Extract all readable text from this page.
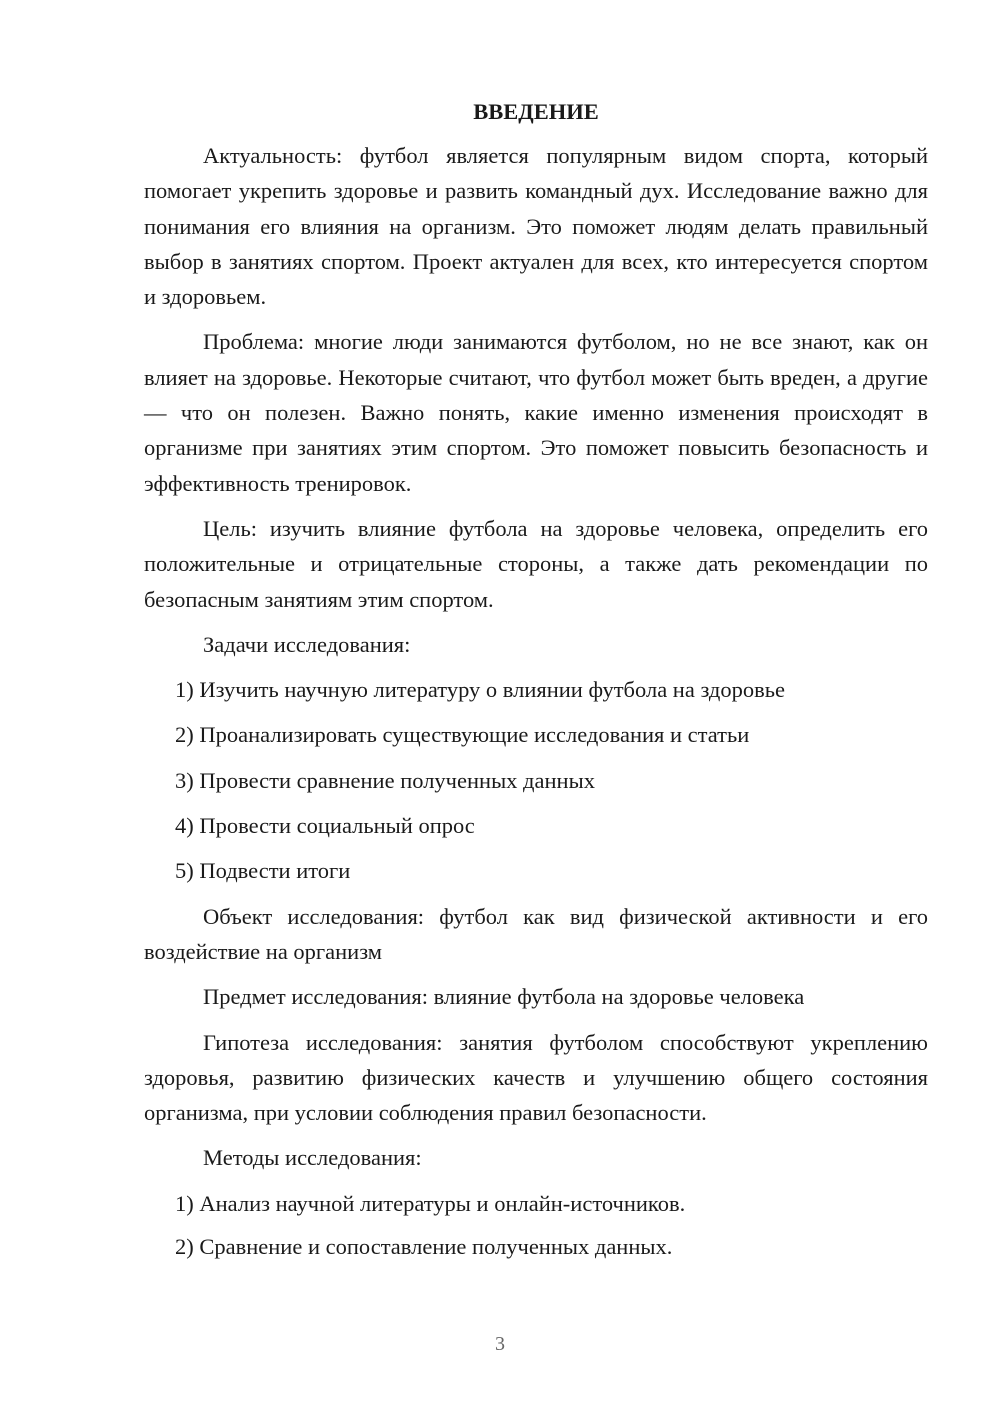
ВВЕДЕНИЕ

Актуальность: футбол является популярным видом спорта, который помогает укрепить здоровье и развить командный дух. Исследование важно для понимания его влияния на организм. Это поможет людям делать правильный выбор в занятиях спортом. Проект актуален для всех, кто интересуется спортом и здоровьем.

Проблема: многие люди занимаются футболом, но не все знают, как он влияет на здоровье. Некоторые считают, что футбол может быть вреден, а другие — что он полезен. Важно понять, какие именно изменения происходят в организме при занятиях этим спортом. Это поможет повысить безопасность и эффективность тренировок.

Цель: изучить влияние футбола на здоровье человека, определить его положительные и отрицательные стороны, а также дать рекомендации по безопасным занятиям этим спортом.

Задачи исследования:

1) Изучить научную литературу о влиянии футбола на здоровье
2) Проанализировать существующие исследования и статьи
3) Провести сравнение полученных данных
4) Провести социальный опрос
5) Подвести итоги

Объект исследования: футбол как вид физической активности и его воздействие на организм

Предмет исследования: влияние футбола на здоровье человека

Гипотеза исследования: занятия футболом способствуют укреплению здоровья, развитию физических качеств и улучшению общего состояния организма, при условии соблюдения правил безопасности.

Методы исследования:

1) Анализ научной литературы и онлайн-источников.
2) Сравнение и сопоставление полученных данных.
3
